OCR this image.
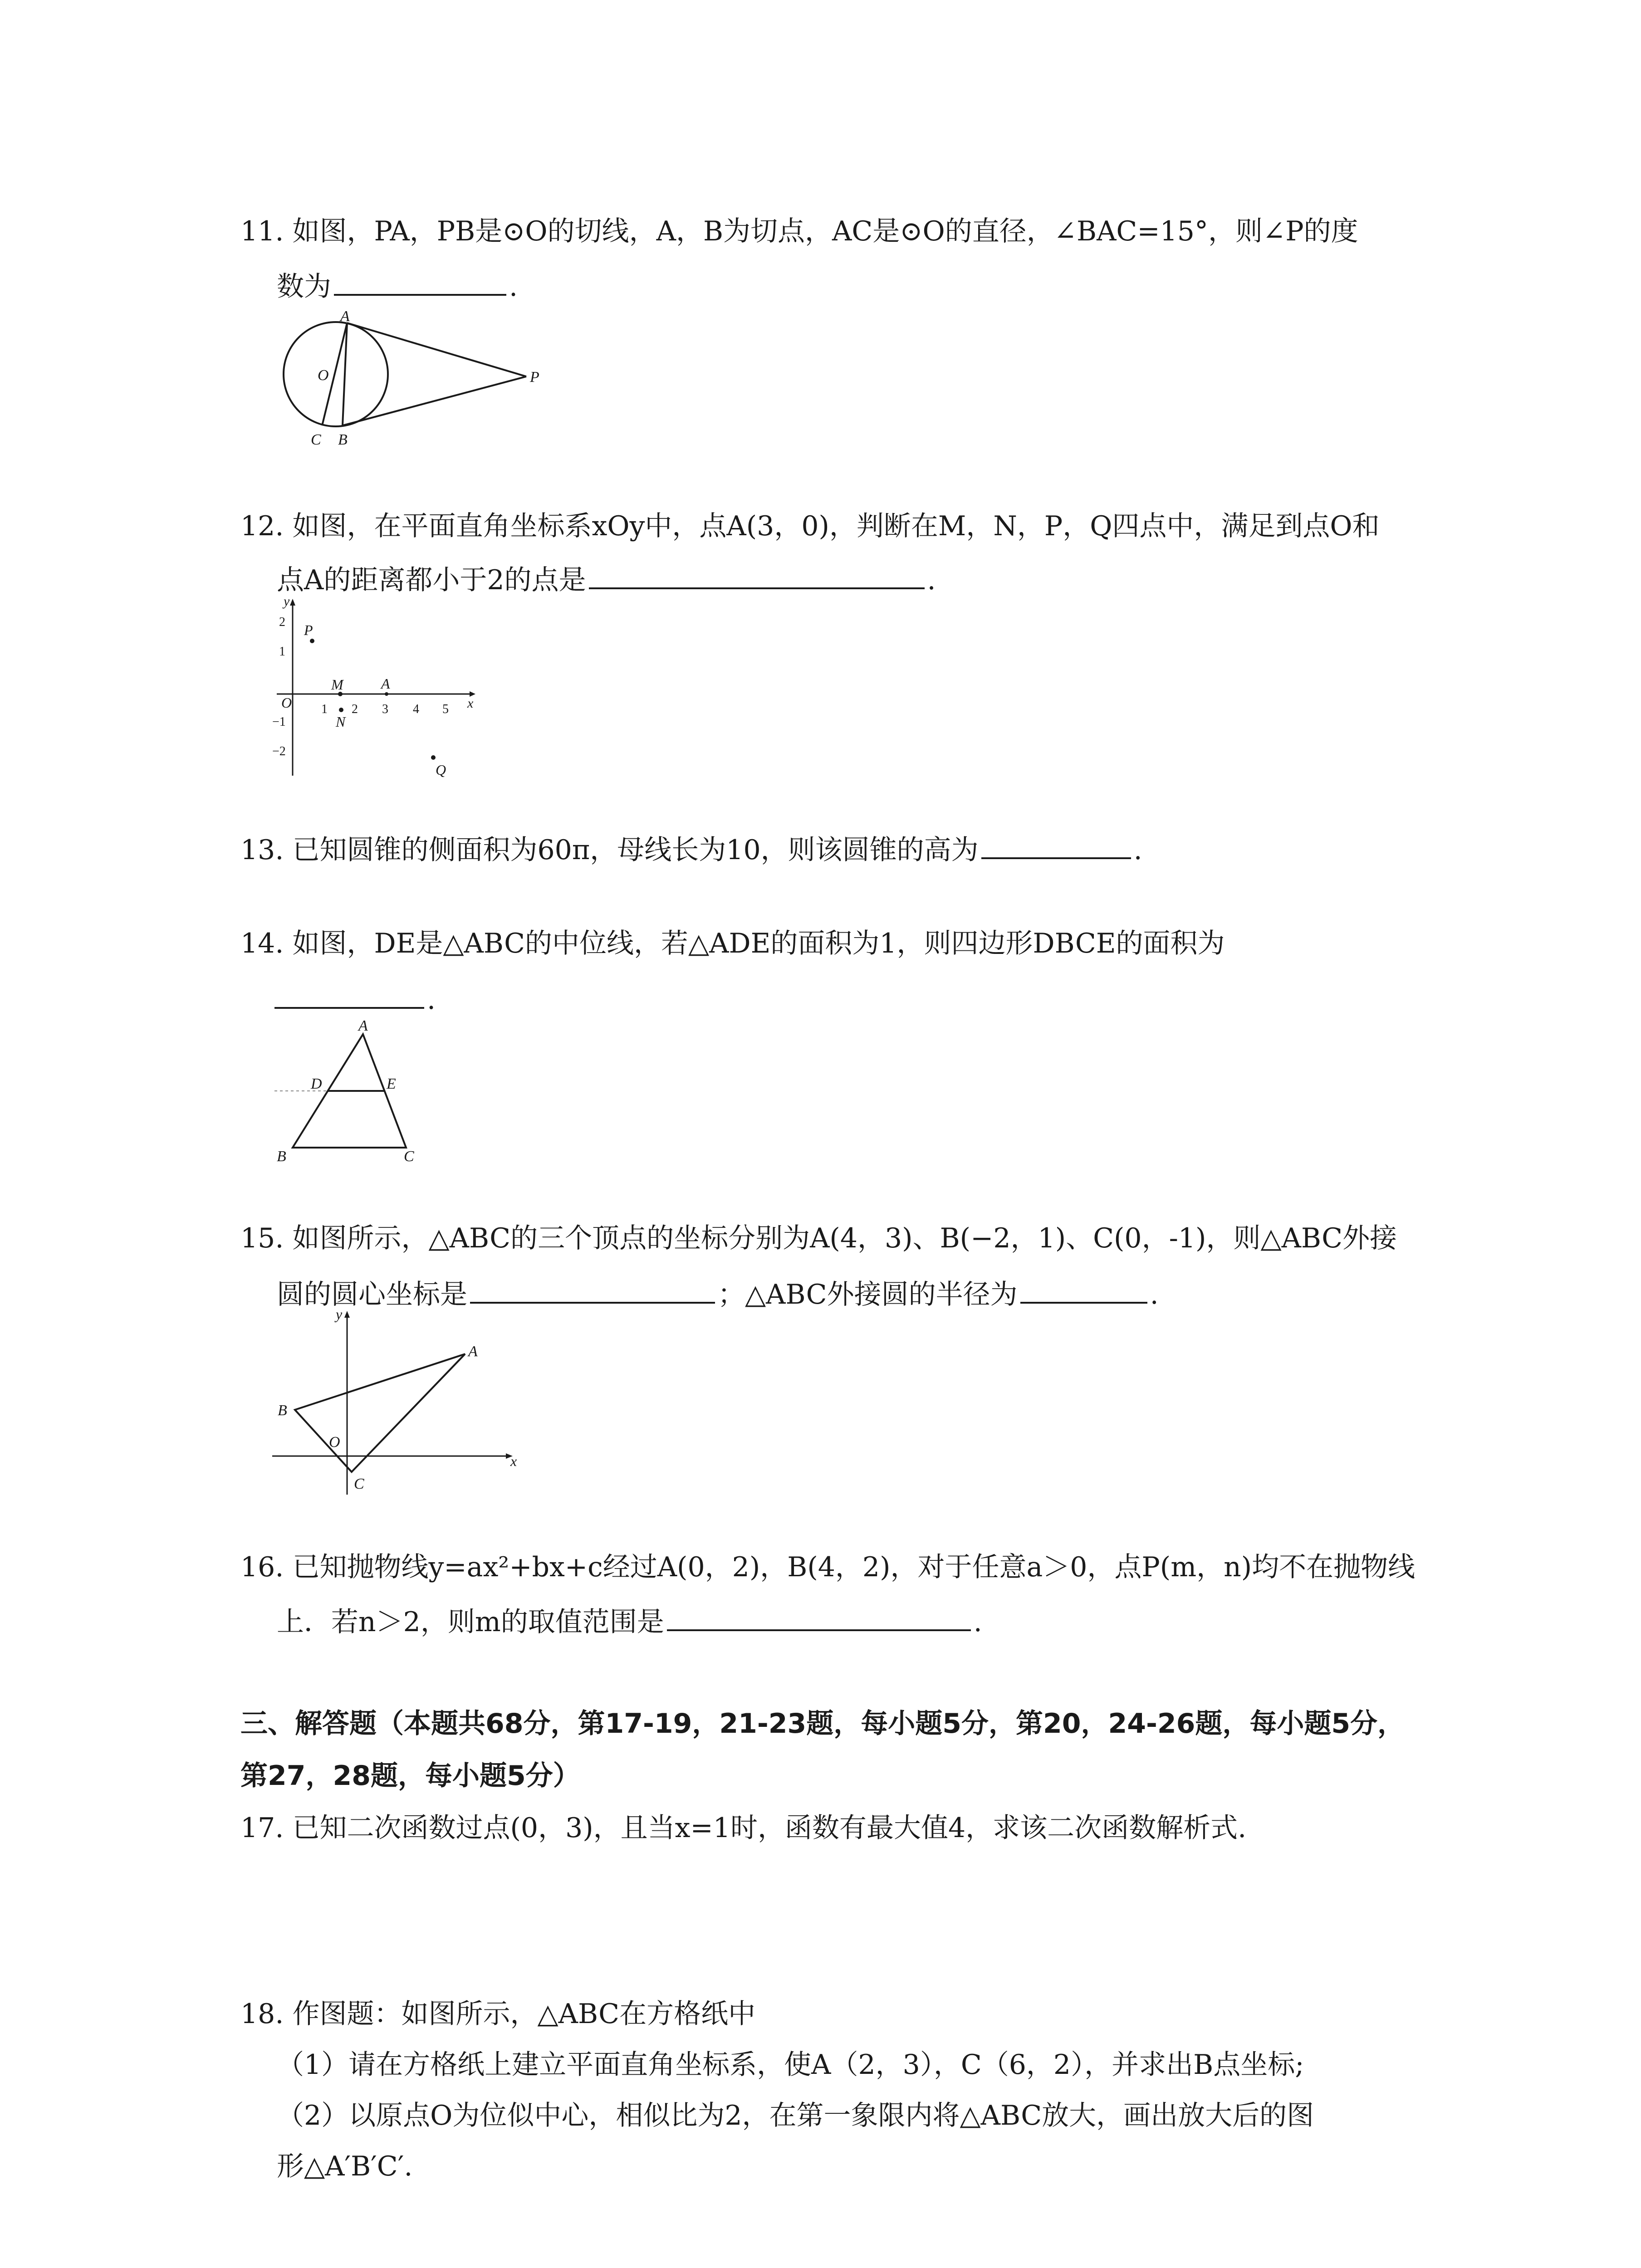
11. 如图，PA，PB是⊙O的切线，A，B为切点，AC是⊙O的直径，∠BAC=15°，则∠P的度
数为	.
A
O	P
C B
12. 如图，在平面直角坐标系xOy中，点A(3，0)，判断在M，N，P，Q四点中，满足到点O和
点A的距离都小于2的点是	.
y
x
O
2
1
−1
−2
1 2 3 4 5
P
M
N
A
Q
13. 已知圆锥的侧面积为60π，母线长为10，则该圆锥的高为	.
14. 如图，DE是△ABC的中位线，若△ADE的面积为1，则四边形DBCE的面积为
.
A
D	E
B	C
15. 如图所示，△ABC的三个顶点的坐标分别为A(4，3)、B(−2，1)、C(0，-1)，则△ABC外接
圆的圆心坐标是	；△ABC外接圆的半径为	.
y
x
A
B
O
C
16. 已知抛物线y=ax²+bx+c经过A(0，2)，B(4，2)，对于任意a＞0，点P(m，n)均不在抛物线
上．若n＞2，则m的取值范围是	.
三、解答题（本题共68分，第17-19，21-23题，每小题5分，第20，24-26题，每小题5分，
第27，28题，每小题5分）
17. 已知二次函数过点(0，3)，且当x=1时，函数有最大值4，求该二次函数解析式.
18. 作图题：如图所示，△ABC在方格纸中
（1）请在方格纸上建立平面直角坐标系，使A（2，3），C（6，2），并求出B点坐标;
（2）以原点O为位似中心，相似比为2，在第一象限内将△ABC放大，画出放大后的图
形△A′B′C′.
